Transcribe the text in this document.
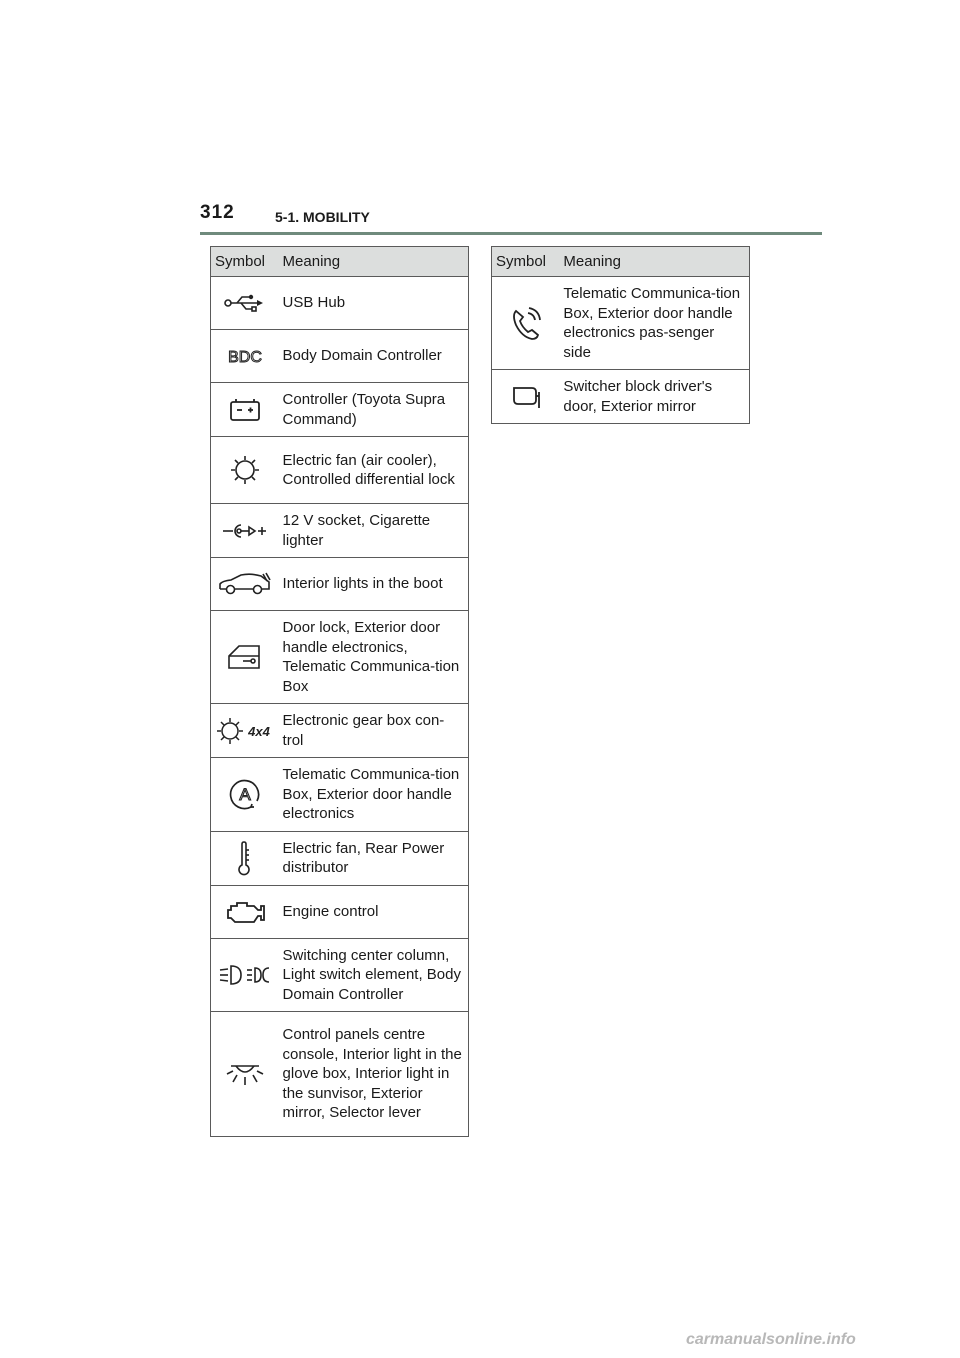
312	5-1. MOBILITY
Symbol	Meaning
	USB Hub

BDC	Body Domain Controller
	Controller (Toyota Supra Command)
	Electric fan (air cooler), Controlled differential lock
	12 V socket, Cigarette lighter
	Interior lights in the boot
	Door lock, Exterior door handle electronics, Telematic Communica-tion Box

4x4	Electronic gear box con-trol

A	Telematic Communica-tion Box, Exterior door handle electronics
	Electric fan, Rear Power distributor
	Engine control
	Switching center column, Light switch element, Body Domain Controller
	Control panels centre console, Interior light in the glove box, Interior light in the sunvisor, Exterior mirror, Selector lever
Symbol	Meaning
	Telematic Communica-tion Box, Exterior door handle electronics pas-senger side
	Switcher block driver's door, Exterior mirror
carmanualsonline.info
